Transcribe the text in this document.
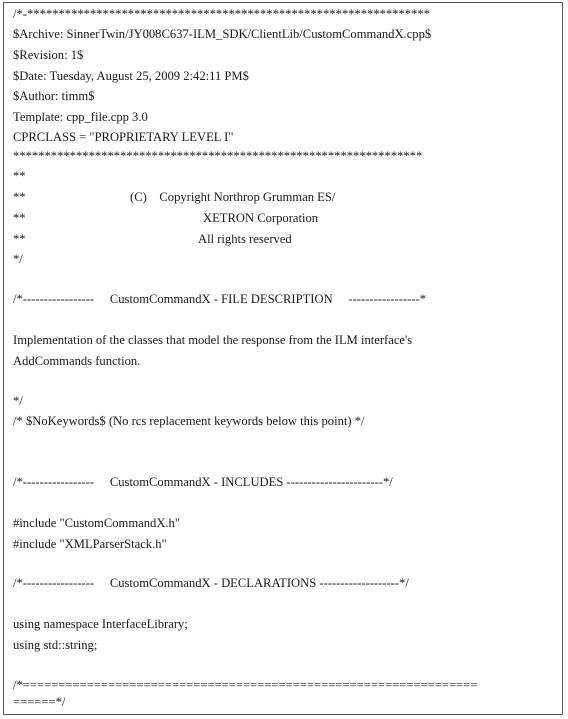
/*-****************************************************************
$Archive: SinnerTwin/JY008C637-ILM_SDK/ClientLib/CustomCommandX.cpp$
$Revision: 1$
$Date: Tuesday, August 25, 2009 2:42:11 PM$
$Author: timm$
Template: cpp_file.cpp 3.0
CPRCLASS = "PROPRIETARY LEVEL I"
*****************************************************************
**
**	(C)    Copyright Northrop Grumman ES/
**	XETRON Corporation
**	All rights reserved
*/
/*-----------------     CustomCommandX - FILE DESCRIPTION     -----------------*
Implementation of the classes that model the response from the ILM interface's
AddCommands function.
*/
/* $NoKeywords$ (No rcs replacement keywords below this point) */
/*-----------------     CustomCommandX - INCLUDES -----------------------*/
#include "CustomCommandX.h"
#include "XMLParserStack.h"
/*-----------------     CustomCommandX - DECLARATIONS -------------------*/
using namespace InterfaceLibrary;
using std::string;
/*================================================================
======*/
